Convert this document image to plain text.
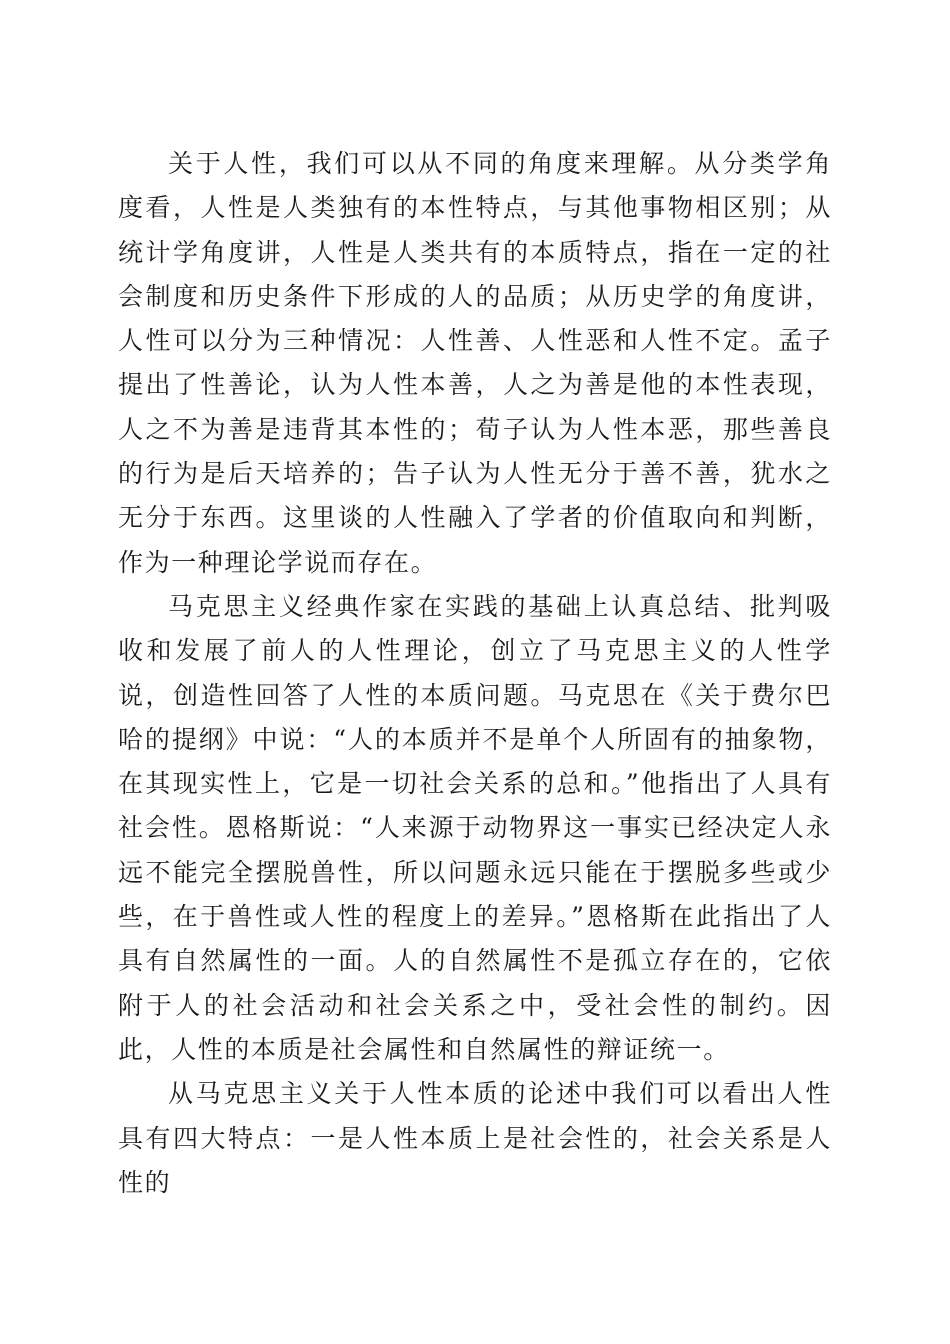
关于人性，我们可以从不同的角度来理解。从分类学角度看，人性是人类独有的本性特点，与其他事物相区别；从统计学角度讲，人性是人类共有的本质特点，指在一定的社会制度和历史条件下形成的人的品质；从历史学的角度讲，人性可以分为三种情况：人性善、人性恶和人性不定。孟子提出了性善论，认为人性本善，人之为善是他的本性表现，人之不为善是违背其本性的；荀子认为人性本恶，那些善良的行为是后天培养的；告子认为人性无分于善不善，犹水之无分于东西。这里谈的人性融入了学者的价值取向和判断，作为一种理论学说而存在。

马克思主义经典作家在实践的基础上认真总结、批判吸收和发展了前人的人性理论，创立了马克思主义的人性学说，创造性回答了人性的本质问题。马克思在《关于费尔巴哈的提纲》中说：“人的本质并不是单个人所固有的抽象物，在其现实性上，它是一切社会关系的总和。”他指出了人具有社会性。恩格斯说：“人来源于动物界这一事实已经决定人永远不能完全摆脱兽性，所以问题永远只能在于摆脱多些或少些，在于兽性或人性的程度上的差异。”恩格斯在此指出了人具有自然属性的一面。人的自然属性不是孤立存在的，它依附于人的社会活动和社会关系之中，受社会性的制约。因此，人性的本质是社会属性和自然属性的辩证统一。

从马克思主义关于人性本质的论述中我们可以看出人性具有四大特点：一是人性本质上是社会性的，社会关系是人性的
